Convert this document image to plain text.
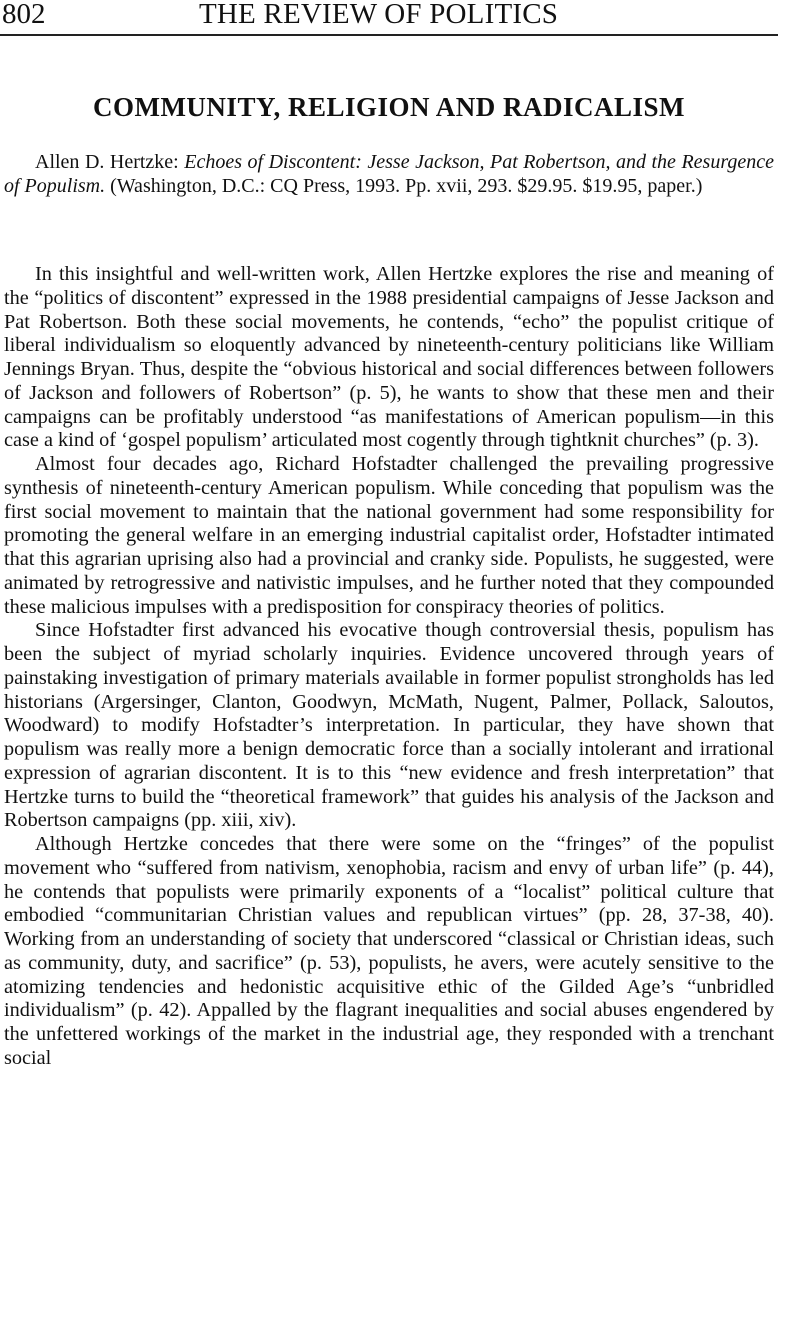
802	THE REVIEW OF POLITICS
COMMUNITY, RELIGION AND RADICALISM

Allen D. Hertzke: Echoes of Discontent: Jesse Jackson, Pat Robertson, and the Resurgence of Populism. (Washington, D.C.: CQ Press, 1993. Pp. xvii, 293. $29.95. $19.95, paper.)

In this insightful and well-written work, Allen Hertzke explores the rise and meaning of the “politics of discontent” expressed in the 1988 presidential campaigns of Jesse Jackson and Pat Robertson. Both these social movements, he contends, “echo” the populist critique of liberal individualism so eloquently advanced by nineteenth-century politicians like William Jennings Bryan. Thus, despite the “obvious historical and social differences between followers of Jackson and followers of Robertson” (p. 5), he wants to show that these men and their campaigns can be profitably understood “as manifestations of American populism—in this case a kind of ‘gospel populism’ articulated most cogently through tightknit churches” (p. 3).

Almost four decades ago, Richard Hofstadter challenged the prevailing progressive synthesis of nineteenth-century American populism. While conceding that populism was the first social movement to maintain that the national government had some responsibility for promoting the general welfare in an emerging industrial capitalist order, Hofstadter intimated that this agrarian uprising also had a provincial and cranky side. Populists, he suggested, were animated by retrogressive and nativistic impulses, and he further noted that they compounded these malicious impulses with a predisposition for conspiracy theories of politics.

Since Hofstadter first advanced his evocative though controversial thesis, populism has been the subject of myriad scholarly inquiries. Evidence uncovered through years of painstaking investigation of primary materials available in former populist strongholds has led historians (Argersinger, Clanton, Goodwyn, McMath, Nugent, Palmer, Pollack, Saloutos, Woodward) to modify Hofstadter’s interpretation. In particular, they have shown that populism was really more a benign democratic force than a socially intolerant and irrational expression of agrarian discontent. It is to this “new evidence and fresh interpretation” that Hertzke turns to build the “theoretical framework” that guides his analysis of the Jackson and Robertson campaigns (pp. xiii, xiv).

Although Hertzke concedes that there were some on the “fringes” of the populist movement who “suffered from nativism, xenophobia, racism and envy of urban life” (p. 44), he contends that populists were primarily exponents of a “localist” political culture that embodied “communitarian Christian values and republican virtues” (pp. 28, 37-38, 40). Working from an understanding of society that underscored “classical or Christian ideas, such as community, duty, and sacrifice” (p. 53), populists, he avers, were acutely sensitive to the atomizing tendencies and hedonistic acquisitive ethic of the Gilded Age’s “unbridled individualism” (p. 42). Appalled by the flagrant inequalities and social abuses engendered by the unfettered workings of the market in the industrial age, they responded with a trenchant social
